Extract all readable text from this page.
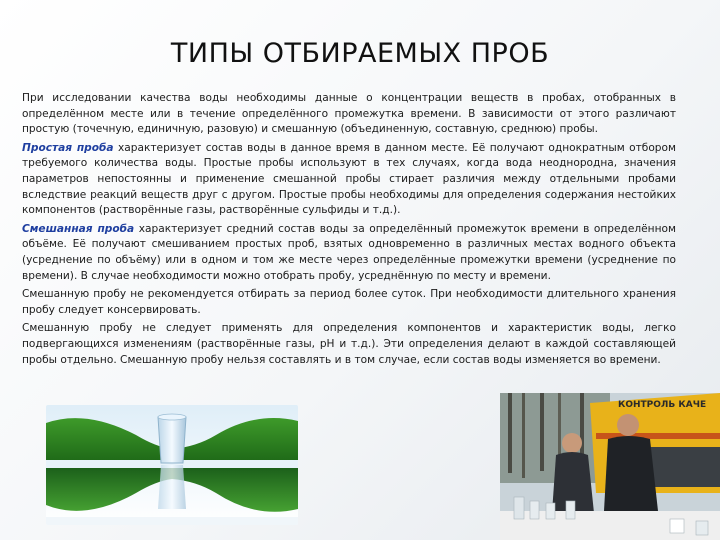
ТИПЫ ОТБИРАЕМЫХ ПРОБ

При исследовании качества воды необходимы данные о концентрации веществ в пробах, отобранных в определённом месте или в течение определённого промежутка времени. В зависимости от этого различают простую (точечную, единичную, разовую) и смешанную (объединенную, составную, среднюю) пробы.

Простая проба характеризует состав воды в данное время в данном месте. Её получают однократным отбором требуемого количества воды. Простые пробы используют в тех случаях, когда вода неоднородна, значения параметров непостоянны и применение смешанной пробы стирает различия между отдельными пробами вследствие реакций веществ друг с другом. Простые пробы необходимы для определения содержания нестойких компонентов (растворённые газы, растворённые сульфиды и т.д.).

Смешанная проба характеризует средний состав воды за определённый промежуток времени в определённом объёме. Её получают смешиванием простых проб, взятых одновременно в различных местах водного объекта (усреднение по объёму) или в одном и том же месте через определённые промежутки времени (усреднение по времени). В случае необходимости можно отобрать пробу, усреднённую по месту и времени.

Смешанную пробу не рекомендуется отбирать за период более суток. При необходимости длительного хранения пробу следует консервировать.

Смешанную пробу не следует применять для определения компонентов и характеристик воды, легко подвергающихся изменениям (растворённые газы, pH и т.д.). Эти определения делают в каждой составляющей пробы отдельно. Смешанную пробу нельзя составлять и в том случае, если состав воды изменяется во времени.

КОНТРОЛЬ КАЧЕ
